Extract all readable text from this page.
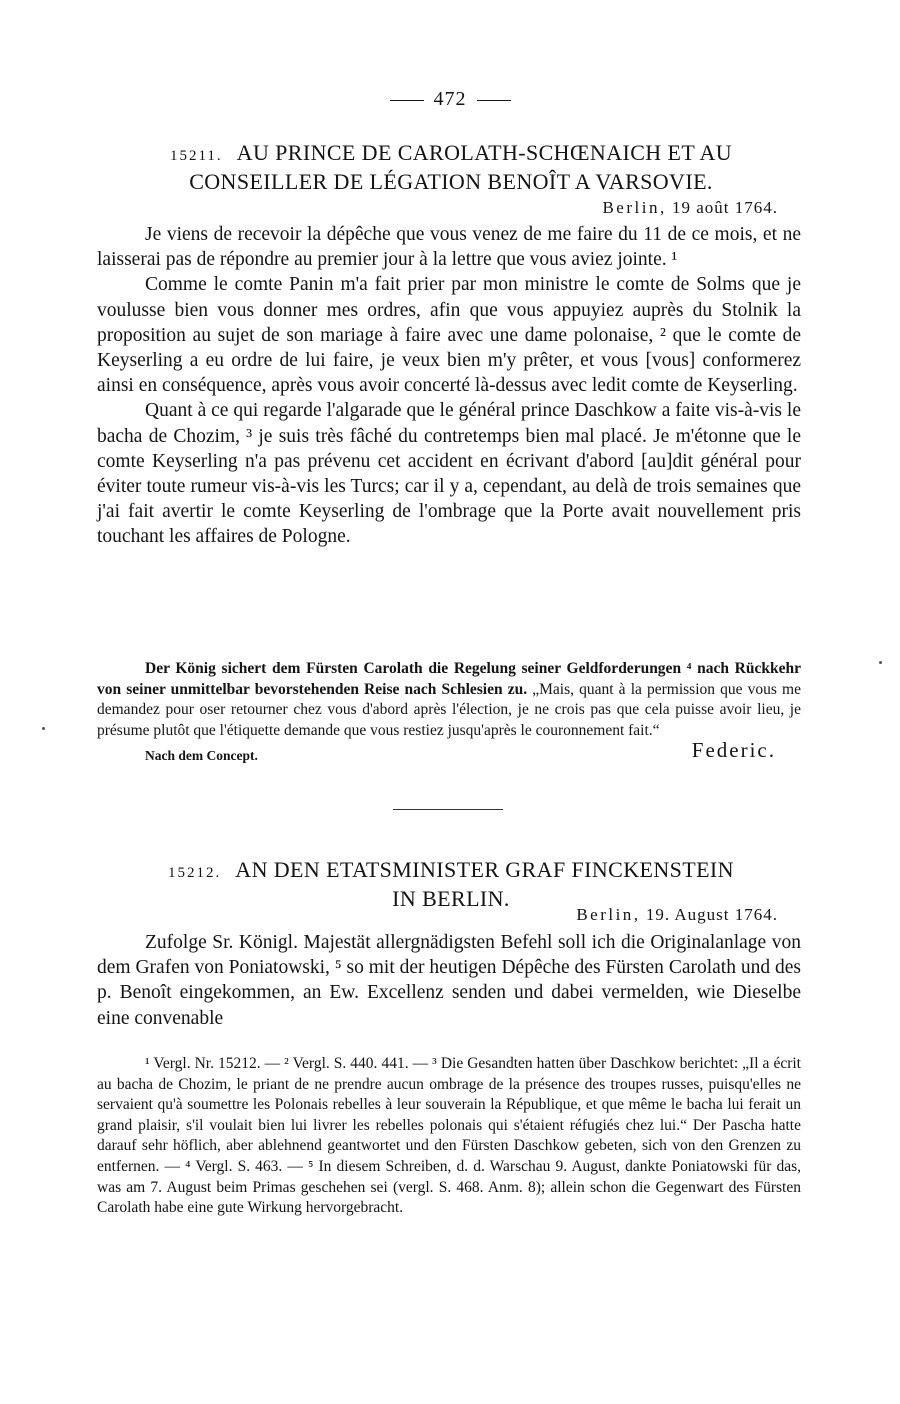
472
15211. AU PRINCE DE CAROLATH-SCHŒNAICH ET AU
CONSEILLER DE LÉGATION BENOÎT A VARSOVIE.
Berlin, 19 août 1764.

Je viens de recevoir la dépêche que vous venez de me faire du 11 de ce mois, et ne laisserai pas de répondre au premier jour à la lettre que vous aviez jointe. ¹

Comme le comte Panin m'a fait prier par mon ministre le comte de Solms que je voulusse bien vous donner mes ordres, afin que vous appuyiez auprès du Stolnik la proposition au sujet de son mariage à faire avec une dame polonaise, ² que le comte de Keyserling a eu ordre de lui faire, je veux bien m'y prêter, et vous [vous] conformerez ainsi en conséquence, après vous avoir concerté là-dessus avec ledit comte de Keyserling.

Quant à ce qui regarde l'algarade que le général prince Daschkow a faite vis-à-vis le bacha de Chozim, ³ je suis très fâché du contretemps bien mal placé. Je m'étonne que le comte Keyserling n'a pas prévenu cet accident en écrivant d'abord [au]dit général pour éviter toute rumeur vis-à-vis les Turcs; car il y a, cependant, au delà de trois semaines que j'ai fait avertir le comte Keyserling de l'ombrage que la Porte avait nouvellement pris touchant les affaires de Pologne.

Der König sichert dem Fürsten Carolath die Regelung seiner Geldforderungen ⁴ nach Rückkehr von seiner unmittelbar bevorstehenden Reise nach Schlesien zu. „Mais, quant à la permission que vous me demandez pour oser retourner chez vous d'abord après l'élection, je ne crois pas que cela puisse avoir lieu, je présume plutôt que l'étiquette demande que vous restiez jusqu'après le couronnement fait.“

Nach dem Concept.	Federic.
15212. AN DEN ETATSMINISTER GRAF FINCKENSTEIN
IN BERLIN.
Berlin, 19. August 1764.

Zufolge Sr. Königl. Majestät allergnädigsten Befehl soll ich die Originalanlage von dem Grafen von Poniatowski, ⁵ so mit der heutigen Dépêche des Fürsten Carolath und des p. Benoît eingekommen, an Ew. Excellenz senden und dabei vermelden, wie Dieselbe eine convenable

¹ Vergl. Nr. 15212. — ² Vergl. S. 440. 441. — ³ Die Gesandten hatten über Daschkow berichtet: „Il a écrit au bacha de Chozim, le priant de ne prendre aucun ombrage de la présence des troupes russes, puisqu'elles ne servaient qu'à soumettre les Polonais rebelles à leur souverain la République, et que même le bacha lui ferait un grand plaisir, s'il voulait bien lui livrer les rebelles polonais qui s'étaient réfugiés chez lui.“ Der Pascha hatte darauf sehr höflich, aber ablehnend geantwortet und den Fürsten Daschkow gebeten, sich von den Grenzen zu entfernen. — ⁴ Vergl. S. 463. — ⁵ In diesem Schreiben, d. d. Warschau 9. August, dankte Poniatowski für das, was am 7. August beim Primas geschehen sei (vergl. S. 468. Anm. 8); allein schon die Gegenwart des Fürsten Carolath habe eine gute Wirkung hervorgebracht.
